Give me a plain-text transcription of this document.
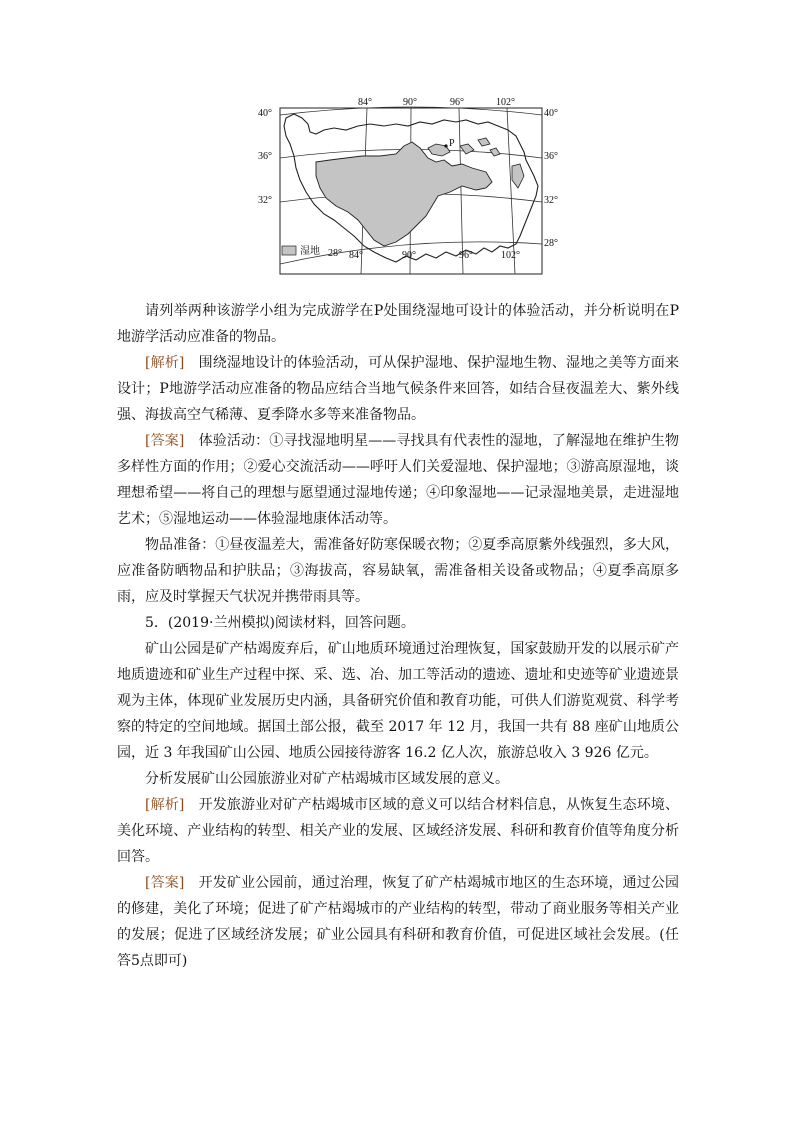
P
84°	90°	96°	102°
84°	90°	96°	102°
40°
36°
32°
40°
36°
32°
28°
28°
湿地

请列举两种该游学小组为完成游学在P处围绕湿地可设计的体验活动，并分析说明在P地游学活动应准备的物品。

[解析]　围绕湿地设计的体验活动，可从保护湿地、保护湿地生物、湿地之美等方面来设计；P地游学活动应准备的物品应结合当地气候条件来回答，如结合昼夜温差大、紫外线强、海拔高空气稀薄、夏季降水多等来准备物品。

[答案]　体验活动：①寻找湿地明星——寻找具有代表性的湿地，了解湿地在维护生物多样性方面的作用；②爱心交流活动——呼吁人们关爱湿地、保护湿地；③游高原湿地，谈理想希望——将自己的理想与愿望通过湿地传递；④印象湿地——记录湿地美景，走进湿地艺术；⑤湿地运动——体验湿地康体活动等。

物品准备：①昼夜温差大，需准备好防寒保暖衣物；②夏季高原紫外线强烈，多大风，应准备防晒物品和护肤品；③海拔高，容易缺氧，需准备相关设备或物品；④夏季高原多雨，应及时掌握天气状况并携带雨具等。

5．(2019·兰州模拟)阅读材料，回答问题。

矿山公园是矿产枯竭废弃后，矿山地质环境通过治理恢复，国家鼓励开发的以展示矿产地质遗迹和矿业生产过程中探、采、选、冶、加工等活动的遗迹、遗址和史迹等矿业遗迹景观为主体，体现矿业发展历史内涵，具备研究价值和教育功能，可供人们游览观赏、科学考察的特定的空间地域。据国土部公报，截至 2017 年 12 月，我国一共有 88 座矿山地质公园，近 3 年我国矿山公园、地质公园接待游客 16.2 亿人次，旅游总收入 3 926 亿元。

分析发展矿山公园旅游业对矿产枯竭城市区域发展的意义。

[解析]　开发旅游业对矿产枯竭城市区域的意义可以结合材料信息，从恢复生态环境、美化环境、产业结构的转型、相关产业的发展、区域经济发展、科研和教育价值等角度分析回答。

[答案]　开发矿业公园前，通过治理，恢复了矿产枯竭城市地区的生态环境，通过公园的修建，美化了环境；促进了矿产枯竭城市的产业结构的转型，带动了商业服务等相关产业的发展；促进了区域经济发展；矿业公园具有科研和教育价值，可促进区域社会发展。(任答5点即可)
